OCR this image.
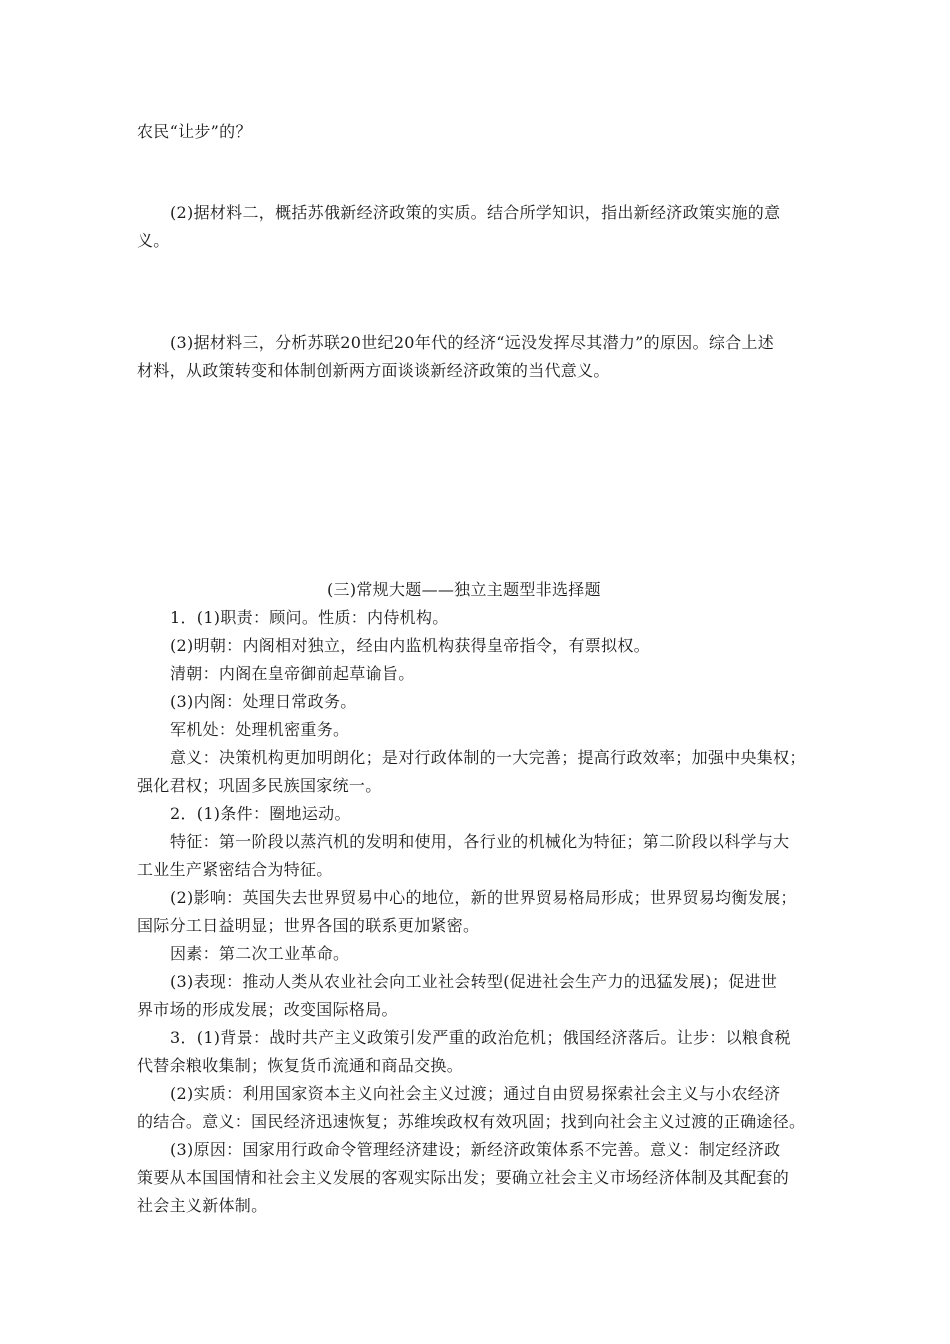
农民“让步”的？
(2)据材料二，概括苏俄新经济政策的实质。结合所学知识，指出新经济政策实施的意
义。
(3)据材料三，分析苏联20世纪20年代的经济“远没发挥尽其潜力”的原因。综合上述
材料，从政策转变和体制创新两方面谈谈新经济政策的当代意义。
(三)常规大题——独立主题型非选择题
1．(1)职责：顾问。性质：内侍机构。
(2)明朝：内阁相对独立，经由内监机构获得皇帝指令，有票拟权。
清朝：内阁在皇帝御前起草谕旨。
(3)内阁：处理日常政务。
军机处：处理机密重务。
意义：决策机构更加明朗化；是对行政体制的一大完善；提高行政效率；加强中央集权；
强化君权；巩固多民族国家统一。
2．(1)条件：圈地运动。
特征：第一阶段以蒸汽机的发明和使用，各行业的机械化为特征；第二阶段以科学与大
工业生产紧密结合为特征。
(2)影响：英国失去世界贸易中心的地位，新的世界贸易格局形成；世界贸易均衡发展；
国际分工日益明显；世界各国的联系更加紧密。
因素：第二次工业革命。
(3)表现：推动人类从农业社会向工业社会转型(促进社会生产力的迅猛发展)；促进世
界市场的形成发展；改变国际格局。
3．(1)背景：战时共产主义政策引发严重的政治危机；俄国经济落后。让步：以粮食税
代替余粮收集制；恢复货币流通和商品交换。
(2)实质：利用国家资本主义向社会主义过渡；通过自由贸易探索社会主义与小农经济
的结合。意义：国民经济迅速恢复；苏维埃政权有效巩固；找到向社会主义过渡的正确途径。
(3)原因：国家用行政命令管理经济建设；新经济政策体系不完善。意义：制定经济政
策要从本国国情和社会主义发展的客观实际出发；要确立社会主义市场经济体制及其配套的
社会主义新体制。
